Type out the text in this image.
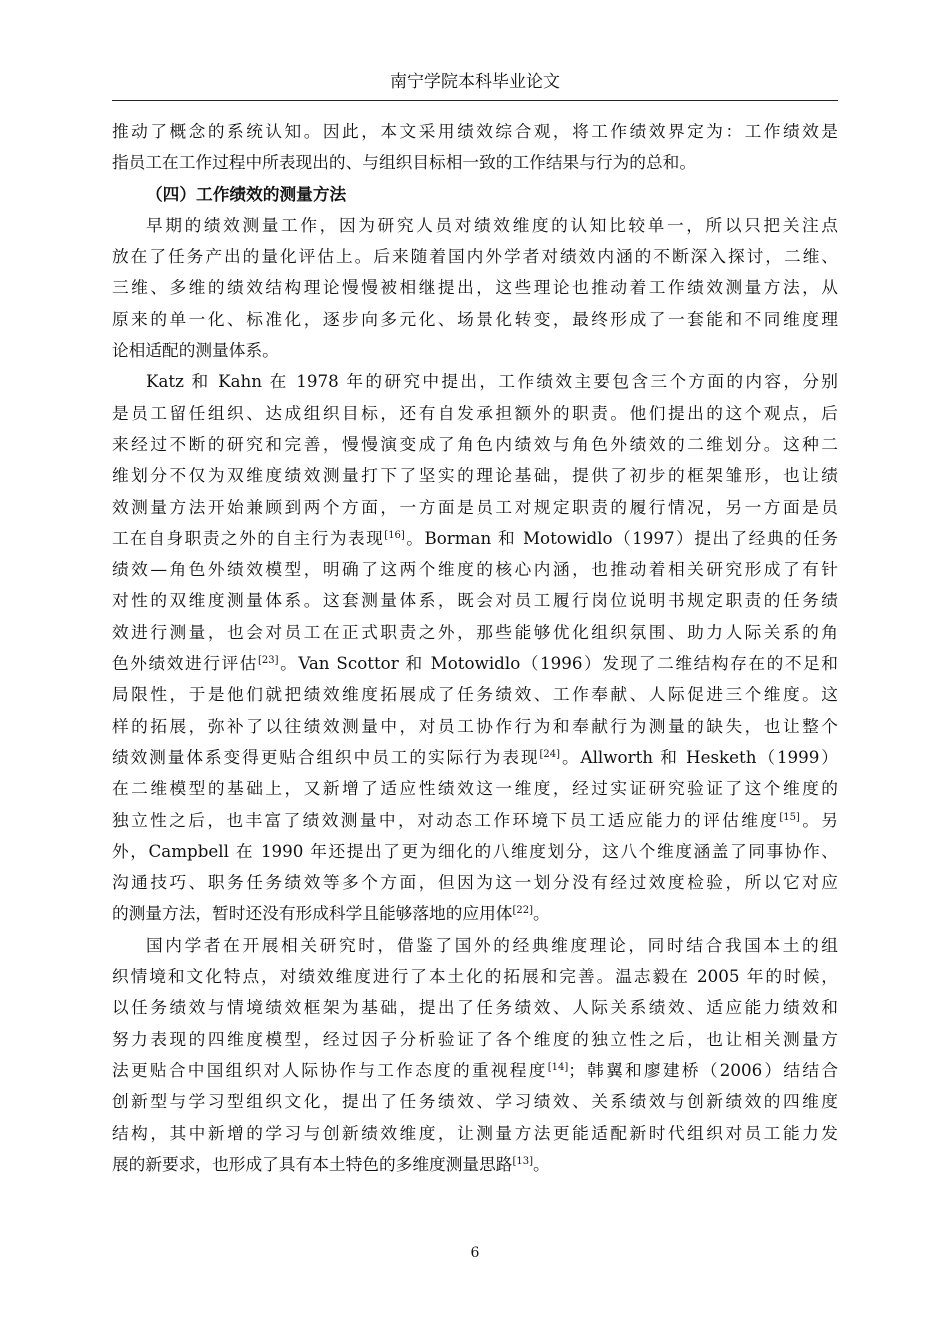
南宁学院本科毕业论文
推动了概念的系统认知。因此，本文采用绩效综合观，将工作绩效界定为：工作绩效是
指员工在工作过程中所表现出的、与组织目标相一致的工作结果与行为的总和。
（四）工作绩效的测量方法
早期的绩效测量工作，因为研究人员对绩效维度的认知比较单一，所以只把关注点
放在了任务产出的量化评估上。后来随着国内外学者对绩效内涵的不断深入探讨，二维、
三维、多维的绩效结构理论慢慢被相继提出，这些理论也推动着工作绩效测量方法，从
原来的单一化、标准化，逐步向多元化、场景化转变，最终形成了一套能和不同维度理
论相适配的测量体系。
Katz 和 Kahn 在 1978 年的研究中提出，工作绩效主要包含三个方面的内容，分别
是员工留任组织、达成组织目标，还有自发承担额外的职责。他们提出的这个观点，后
来经过不断的研究和完善，慢慢演变成了角色内绩效与角色外绩效的二维划分。这种二
维划分不仅为双维度绩效测量打下了坚实的理论基础，提供了初步的框架雏形，也让绩
效测量方法开始兼顾到两个方面，一方面是员工对规定职责的履行情况，另一方面是员
工在自身职责之外的自主行为表现[16]。Borman 和 Motowidlo（1997）提出了经典的任务
绩效—角色外绩效模型，明确了这两个维度的核心内涵，也推动着相关研究形成了有针
对性的双维度测量体系。这套测量体系，既会对员工履行岗位说明书规定职责的任务绩
效进行测量，也会对员工在正式职责之外，那些能够优化组织氛围、助力人际关系的角
色外绩效进行评估[23]。Van Scottor 和 Motowidlo（1996）发现了二维结构存在的不足和
局限性，于是他们就把绩效维度拓展成了任务绩效、工作奉献、人际促进三个维度。这
样的拓展，弥补了以往绩效测量中，对员工协作行为和奉献行为测量的缺失，也让整个
绩效测量体系变得更贴合组织中员工的实际行为表现[24]。Allworth 和 Hesketh（1999）
在二维模型的基础上，又新增了适应性绩效这一维度，经过实证研究验证了这个维度的
独立性之后，也丰富了绩效测量中，对动态工作环境下员工适应能力的评估维度[15]。另
外，Campbell 在 1990 年还提出了更为细化的八维度划分，这八个维度涵盖了同事协作、
沟通技巧、职务任务绩效等多个方面，但因为这一划分没有经过效度检验，所以它对应
的测量方法，暂时还没有形成科学且能够落地的应用体[22]。
国内学者在开展相关研究时，借鉴了国外的经典维度理论，同时结合我国本土的组
织情境和文化特点，对绩效维度进行了本土化的拓展和完善。温志毅在 2005 年的时候，
以任务绩效与情境绩效框架为基础，提出了任务绩效、人际关系绩效、适应能力绩效和
努力表现的四维度模型，经过因子分析验证了各个维度的独立性之后，也让相关测量方
法更贴合中国组织对人际协作与工作态度的重视程度[14]；韩翼和廖建桥（2006）结结合
创新型与学习型组织文化，提出了任务绩效、学习绩效、关系绩效与创新绩效的四维度
结构，其中新增的学习与创新绩效维度，让测量方法更能适配新时代组织对员工能力发
展的新要求，也形成了具有本土特色的多维度测量思路[13]。
6
